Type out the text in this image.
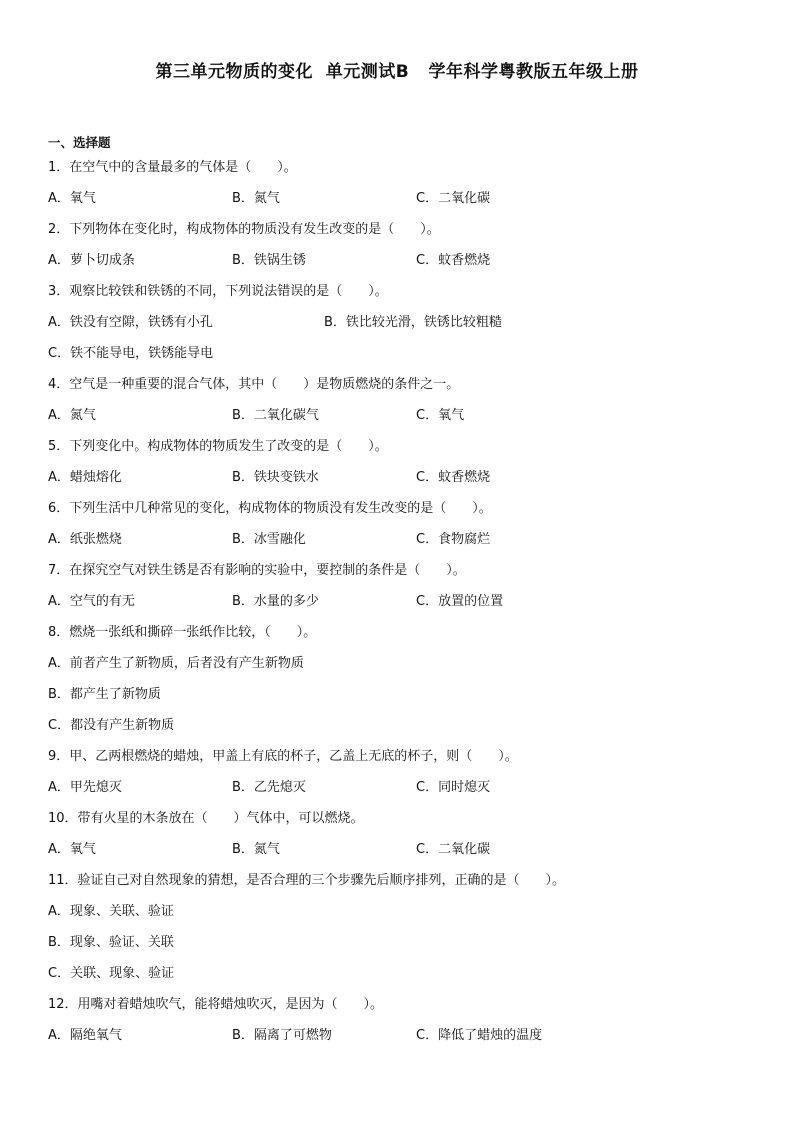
第三单元物质的变化  单元测试B   学年科学粤教版五年级上册
一、选择题
1．在空气中的含量最多的气体是（　　）。
A．氧气	B．氮气	C．二氧化碳
2．下列物体在变化时，构成物体的物质没有发生改变的是（　　）。
A．萝卜切成条	B．铁锅生锈	C．蚊香燃烧
3．观察比较铁和铁锈的不同，下列说法错误的是（　　）。
A．铁没有空隙，铁锈有小孔	B．铁比较光滑，铁锈比较粗糙
C．铁不能导电，铁锈能导电
4．空气是一种重要的混合气体，其中（　　）是物质燃烧的条件之一。
A．氮气	B．二氧化碳气	C．氧气
5．下列变化中。构成物体的物质发生了改变的是（　　）。
A．蜡烛熔化	B．铁块变铁水	C．蚊香燃烧
6．下列生活中几种常见的变化，构成物体的物质没有发生改变的是（　　）。
A．纸张燃烧	B．冰雪融化	C．食物腐烂
7．在探究空气对铁生锈是否有影响的实验中，要控制的条件是（　　）。
A．空气的有无	B．水量的多少	C．放置的位置
8．燃烧一张纸和撕碎一张纸作比较，（　　）。
A．前者产生了新物质，后者没有产生新物质
B．都产生了新物质
C．都没有产生新物质
9．甲、乙两根燃烧的蜡烛，甲盖上有底的杯子，乙盖上无底的杯子，则（　　）。
A．甲先熄灭	B．乙先熄灭	C．同时熄灭
10．带有火星的木条放在（　　）气体中，可以燃烧。
A．氧气	B．氮气	C．二氧化碳
11．验证自己对自然现象的猜想，是否合理的三个步骤先后顺序排列，正确的是（　　）。
A．现象、关联、验证
B．现象、验证、关联
C．关联、现象、验证
12．用嘴对着蜡烛吹气，能将蜡烛吹灭，是因为（　　）。
A．隔绝氧气	B．隔离了可燃物	C．降低了蜡烛的温度
